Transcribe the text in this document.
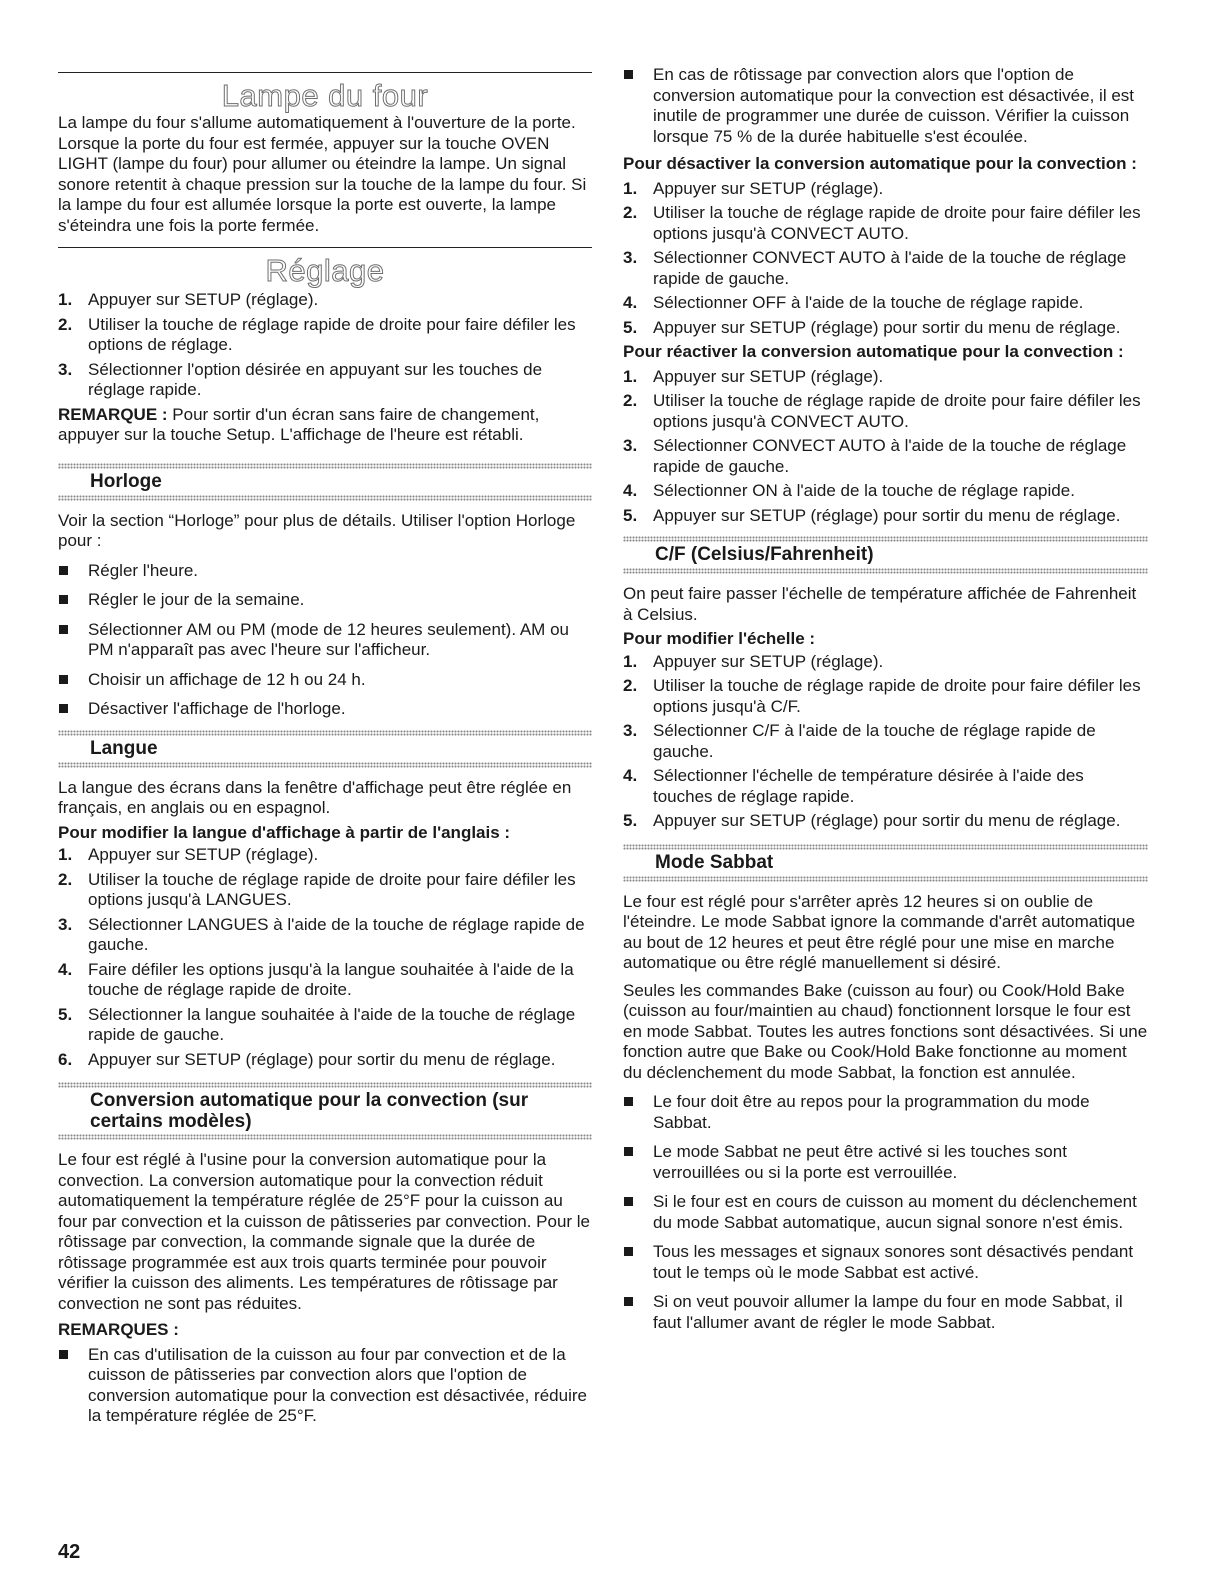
Lampe du four

La lampe du four s'allume automatiquement à l'ouverture de la porte. Lorsque la porte du four est fermée, appuyer sur la touche OVEN LIGHT (lampe du four) pour allumer ou éteindre la lampe. Un signal sonore retentit à chaque pression sur la touche de la lampe du four. Si la lampe du four est allumée lorsque la porte est ouverte, la lampe s'éteindra une fois la porte fermée.

Réglage
1. Appuyer sur SETUP (réglage).
2. Utiliser la touche de réglage rapide de droite pour faire défiler les options de réglage.
3. Sélectionner l'option désirée en appuyant sur les touches de réglage rapide.

REMARQUE : Pour sortir d'un écran sans faire de changement, appuyer sur la touche Setup. L'affichage de l'heure est rétabli.

Horloge

Voir la section “Horloge” pour plus de détails. Utiliser l'option Horloge pour :

Régler l'heure.
Régler le jour de la semaine.
Sélectionner AM ou PM (mode de 12 heures seulement). AM ou PM n'apparaît pas avec l'heure sur l'afficheur.
Choisir un affichage de 12 h ou 24 h.
Désactiver l'affichage de l'horloge.
Langue

La langue des écrans dans la fenêtre d'affichage peut être réglée en français, en anglais ou en espagnol.

Pour modifier la langue d'affichage à partir de l'anglais :

1. Appuyer sur SETUP (réglage).
2. Utiliser la touche de réglage rapide de droite pour faire défiler les options jusqu'à LANGUES.
3. Sélectionner LANGUES à l'aide de la touche de réglage rapide de gauche.
4. Faire défiler les options jusqu'à la langue souhaitée à l'aide de la touche de réglage rapide de droite.
5. Sélectionner la langue souhaitée à l'aide de la touche de réglage rapide de gauche.
6. Appuyer sur SETUP (réglage) pour sortir du menu de réglage.
Conversion automatique pour la convection (sur certains modèles)

Le four est réglé à l'usine pour la conversion automatique pour la convection. La conversion automatique pour la convection réduit automatiquement la température réglée de 25°F pour la cuisson au four par convection et la cuisson de pâtisseries par convection. Pour le rôtissage par convection, la commande signale que la durée de rôtissage programmée est aux trois quarts terminée pour pouvoir vérifier la cuisson des aliments. Les températures de rôtissage par convection ne sont pas réduites.

REMARQUES :

En cas d'utilisation de la cuisson au four par convection et de la cuisson de pâtisseries par convection alors que l'option de conversion automatique pour la convection est désactivée, réduire la température réglée de 25°F.
En cas de rôtissage par convection alors que l'option de conversion automatique pour la convection est désactivée, il est inutile de programmer une durée de cuisson. Vérifier la cuisson lorsque 75 % de la durée habituelle s'est écoulée.

Pour désactiver la conversion automatique pour la convection :

1. Appuyer sur SETUP (réglage).
2. Utiliser la touche de réglage rapide de droite pour faire défiler les options jusqu'à CONVECT AUTO.
3. Sélectionner CONVECT AUTO à l'aide de la touche de réglage rapide de gauche.
4. Sélectionner OFF à l'aide de la touche de réglage rapide.
5. Appuyer sur SETUP (réglage) pour sortir du menu de réglage.

Pour réactiver la conversion automatique pour la convection :

1. Appuyer sur SETUP (réglage).
2. Utiliser la touche de réglage rapide de droite pour faire défiler les options jusqu'à CONVECT AUTO.
3. Sélectionner CONVECT AUTO à l'aide de la touche de réglage rapide de gauche.
4. Sélectionner ON à l'aide de la touche de réglage rapide.
5. Appuyer sur SETUP (réglage) pour sortir du menu de réglage.
C/F (Celsius/Fahrenheit)

On peut faire passer l'échelle de température affichée de Fahrenheit à Celsius.

Pour modifier l'échelle :

1. Appuyer sur SETUP (réglage).
2. Utiliser la touche de réglage rapide de droite pour faire défiler les options jusqu'à C/F.
3. Sélectionner C/F à l'aide de la touche de réglage rapide de gauche.
4. Sélectionner l'échelle de température désirée à l'aide des touches de réglage rapide.
5. Appuyer sur SETUP (réglage) pour sortir du menu de réglage.
Mode Sabbat

Le four est réglé pour s'arrêter après 12 heures si on oublie de l'éteindre. Le mode Sabbat ignore la commande d'arrêt automatique au bout de 12 heures et peut être réglé pour une mise en marche automatique ou être réglé manuellement si désiré.

Seules les commandes Bake (cuisson au four) ou Cook/Hold Bake (cuisson au four/maintien au chaud) fonctionnent lorsque le four est en mode Sabbat. Toutes les autres fonctions sont désactivées. Si une fonction autre que Bake ou Cook/Hold Bake fonctionne au moment du déclenchement du mode Sabbat, la fonction est annulée.

Le four doit être au repos pour la programmation du mode Sabbat.
Le mode Sabbat ne peut être activé si les touches sont verrouillées ou si la porte est verrouillée.
Si le four est en cours de cuisson au moment du déclenchement du mode Sabbat automatique, aucun signal sonore n'est émis.
Tous les messages et signaux sonores sont désactivés pendant tout le temps où le mode Sabbat est activé.
Si on veut pouvoir allumer la lampe du four en mode Sabbat, il faut l'allumer avant de régler le mode Sabbat.
42
